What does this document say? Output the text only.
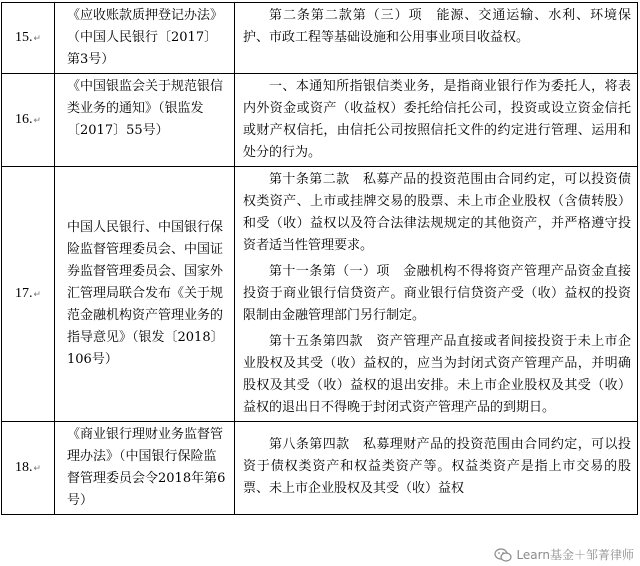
15.↵	《应收账款质押登记办法》（中国人民银行〔2017〕第3号）	第二条第二款第（三）项　能源、交通运输、水利、环境保护、市政工程等基础设施和公用事业项目收益权。

16.↵	《中国银监会关于规范银信类业务的通知》（银监发〔2017〕55号）	一、本通知所指银信类业务，是指商业银行作为委托人，将表内外资金或资产（收益权）委托给信托公司，投资或设立资金信托或财产权信托，由信托公司按照信托文件的约定进行管理、运用和处分的行为。

17.↵	中国人民银行、中国银行保险监督管理委员会、中国证券监督管理委员会、国家外汇管理局联合发布《关于规范金融机构资产管理业务的指导意见》（银发〔2018〕106号）	第十条第二款　私募产品的投资范围由合同约定，可以投资债权类资产、上市或挂牌交易的股票、未上市企业股权（含债转股）和受（收）益权以及符合法律法规规定的其他资产，并严格遵守投资者适当性管理要求。

第十一条第（一）项　金融机构不得将资产管理产品资金直接投资于商业银行信贷资产。商业银行信贷资产受（收）益权的投资限制由金融管理部门另行制定。

第十五条第四款　资产管理产品直接或者间接投资于未上市企业股权及其受（收）益权的，应当为封闭式资产管理产品，并明确股权及其受（收）益权的退出安排。未上市企业股权及其受（收）益权的退出日不得晚于封闭式资产管理产品的到期日。

18.↵	《商业银行理财业务监督管理办法》（中国银行保险监督管理委员会令2018年第6号）	第八条第四款　私募理财产品的投资范围由合同约定，可以投资于债权类资产和权益类资产等。权益类资产是指上市交易的股票、未上市企业股权及其受（收）益权

Learn基金＋邹菁律师
